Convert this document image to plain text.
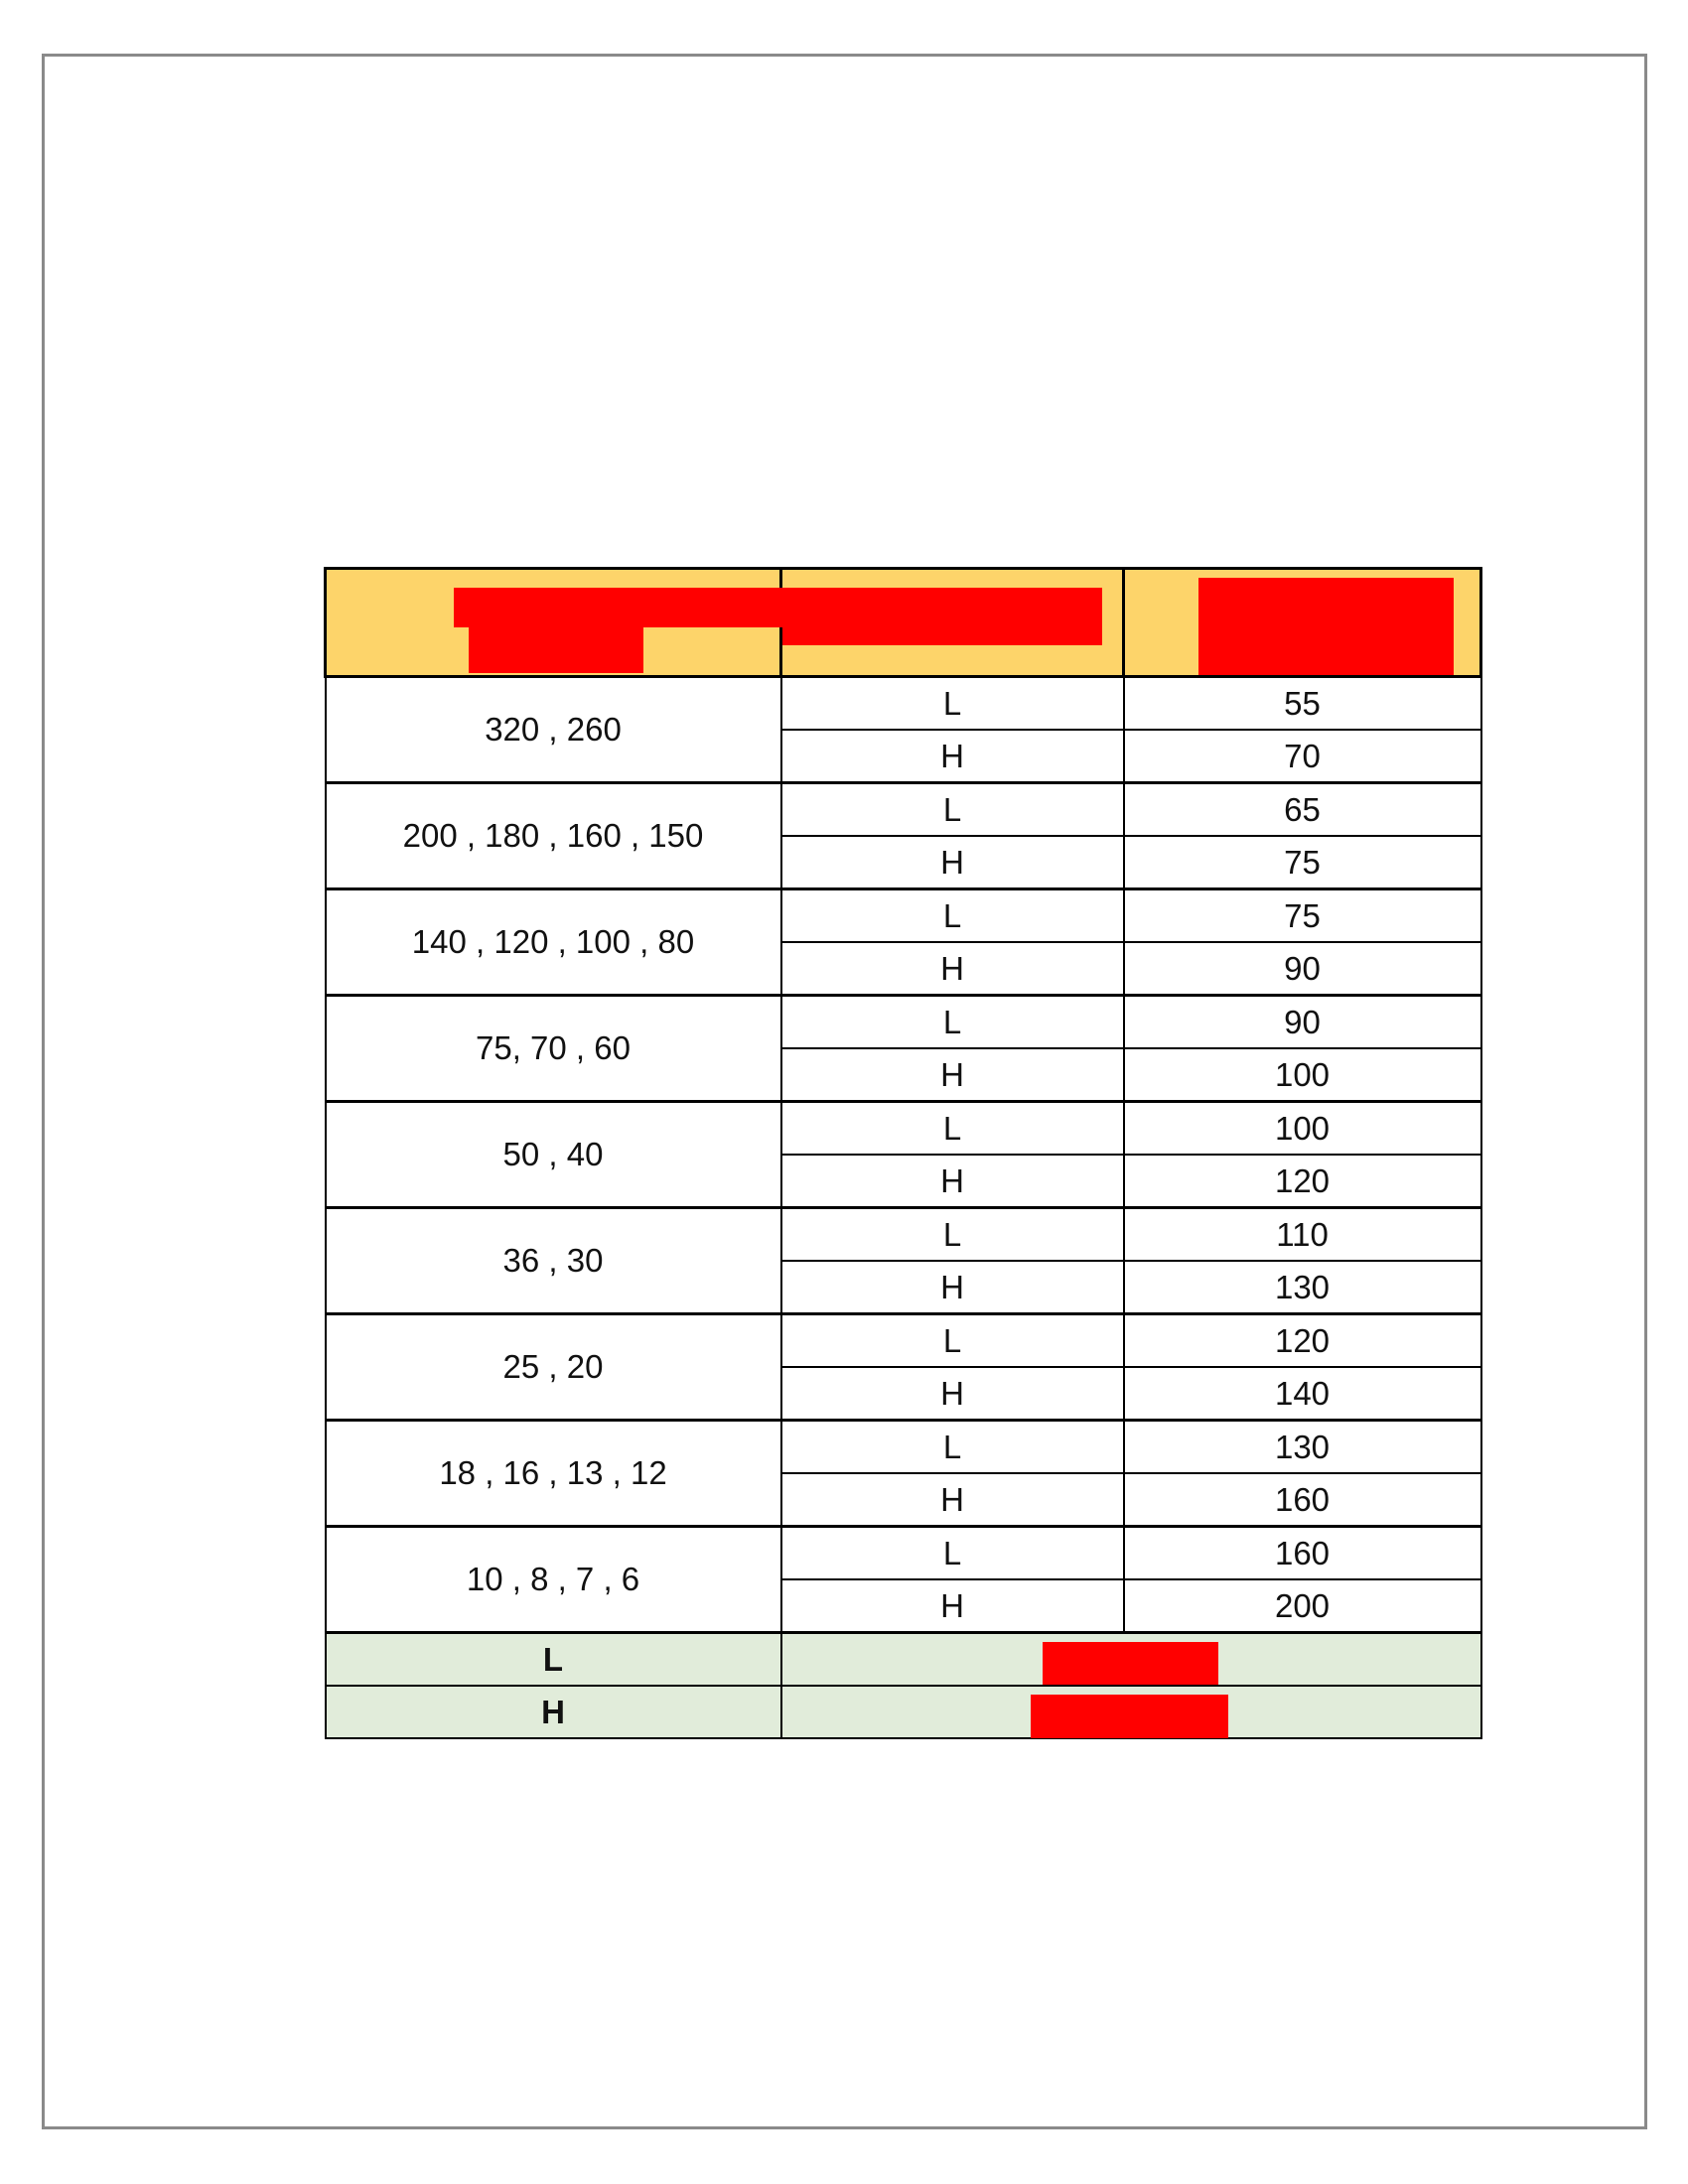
320 , 260	L	55
	H	70
200 , 180 , 160 , 150	L	65
	H	75
140 , 120 , 100 , 80	L	75
	H	90
75, 70 , 60	L	90
	H	100
50 , 40	L	100
	H	120
36 , 30	L	110
	H	130
25 , 20	L	120
	H	140
18 , 16 , 13 , 12	L	130
	H	160
10 , 8 , 7 , 6	L	160
	H	200
L		

H		
